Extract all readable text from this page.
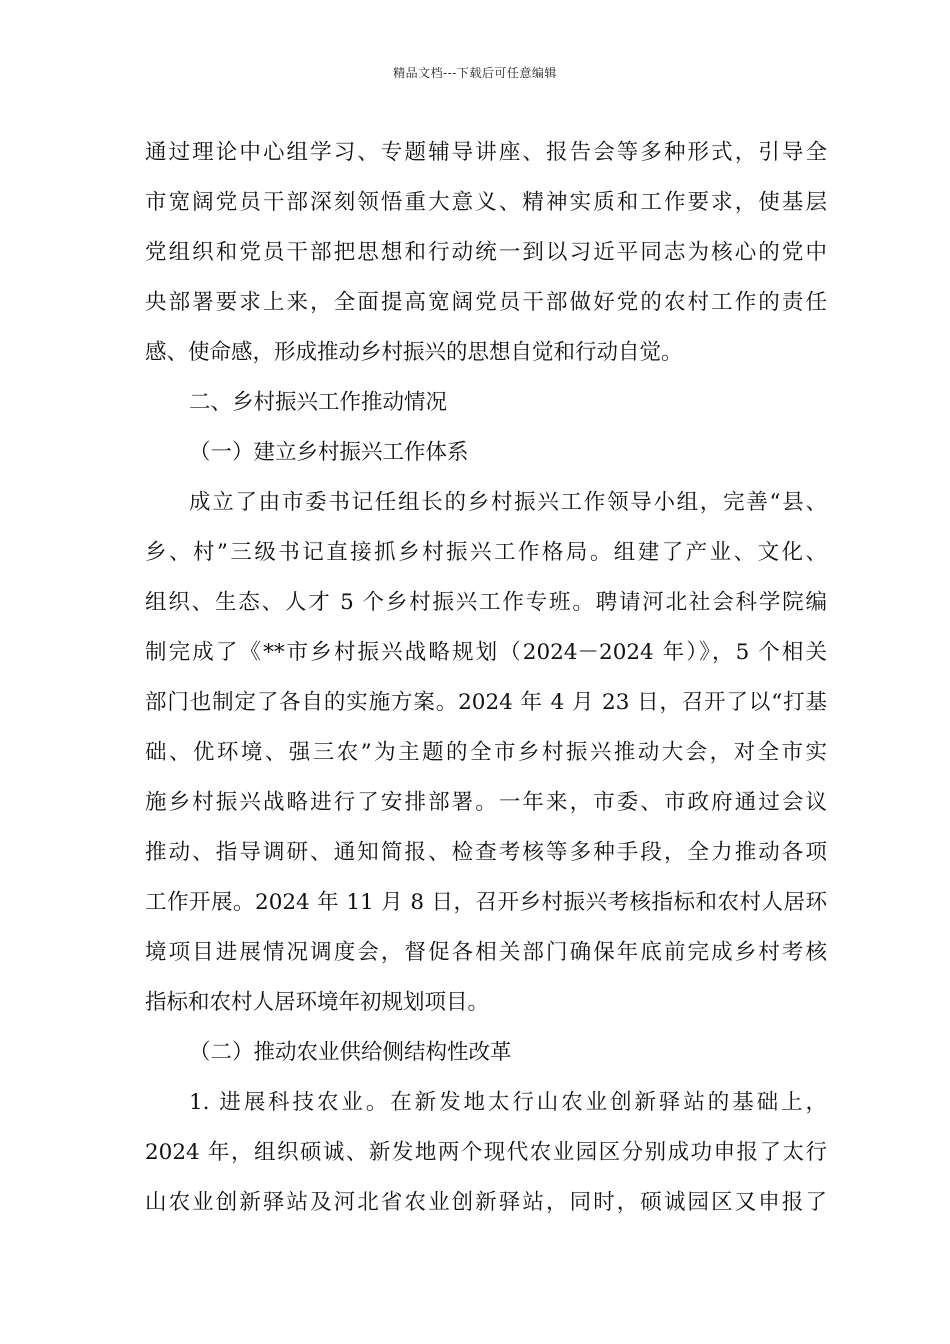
精品文档---下载后可任意编辑
通过理论中心组学习、专题辅导讲座、报告会等多种形式，引导全
市宽阔党员干部深刻领悟重大意义、精神实质和工作要求，使基层
党组织和党员干部把思想和行动统一到以习近平同志为核心的党中
央部署要求上来，全面提高宽阔党员干部做好党的农村工作的责任
感、使命感，形成推动乡村振兴的思想自觉和行动自觉。
二、乡村振兴工作推动情况
（一）建立乡村振兴工作体系
成立了由市委书记任组长的乡村振兴工作领导小组，完善“县、
乡、村”三级书记直接抓乡村振兴工作格局。组建了产业、文化、
组织、生态、人才 5 个乡村振兴工作专班。聘请河北社会科学院编
制完成了《**市乡村振兴战略规划（2024－2024 年）》，5 个相关
部门也制定了各自的实施方案。2024 年 4 月 23 日，召开了以“打基
础、优环境、强三农”为主题的全市乡村振兴推动大会，对全市实
施乡村振兴战略进行了安排部署。一年来，市委、市政府通过会议
推动、指导调研、通知简报、检查考核等多种手段，全力推动各项
工作开展。2024 年 11 月 8 日，召开乡村振兴考核指标和农村人居环
境项目进展情况调度会，督促各相关部门确保年底前完成乡村考核
指标和农村人居环境年初规划项目。
（二）推动农业供给侧结构性改革
1. 进展科技农业。在新发地太行山农业创新驿站的基础上，
2024 年，组织硕诚、新发地两个现代农业园区分别成功申报了太行
山农业创新驿站及河北省农业创新驿站，同时，硕诚园区又申报了
